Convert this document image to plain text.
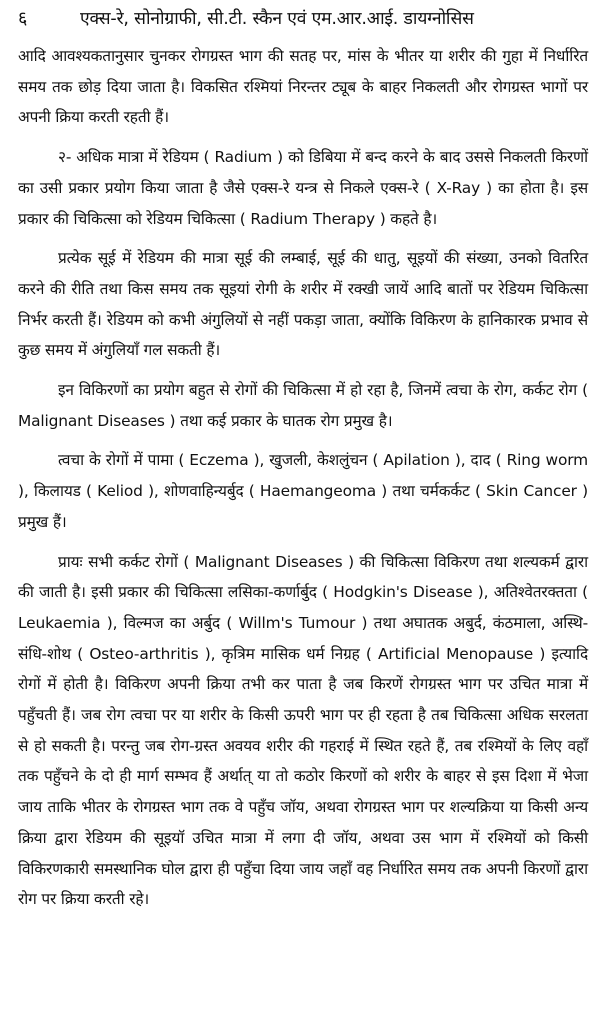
६	एक्स-रे, सोनोग्राफी, सी.टी. स्कैन एवं एम.आर.आई. डायग्नोसिस

आदि आवश्यकतानुसार चुनकर रोगग्रस्त भाग की सतह पर, मांस के भीतर या शरीर की गुहा में निर्धारित समय तक छोड़ दिया जाता है। विकसित रश्मियां निरन्तर ट्यूब के बाहर निकलती और रोगग्रस्त भागों पर अपनी क्रिया करती रहती हैं।

२- अधिक मात्रा में रेडियम ( Radium ) को डिबिया में बन्द करने के बाद उससे निकलती किरणों का उसी प्रकार प्रयोग किया जाता है जैसे एक्स-रे यन्त्र से निकले एक्स-रे ( X-Ray ) का होता है। इस प्रकार की चिकित्सा को रेडियम चिकित्सा ( Radium Therapy ) कहते है।

प्रत्येक सूई में रेडियम की मात्रा सूई की लम्बाई, सूई की धातु, सूइयों की संख्या, उनको वितरित करने की रीति तथा किस समय तक सूइयां रोगी के शरीर में रक्खी जायें आदि बातों पर रेडियम चिकित्सा निर्भर करती हैं। रेडियम को कभी अंगुलियों से नहीं पकड़ा जाता, क्योंकि विकिरण के हानिकारक प्रभाव से कुछ समय में अंगुलियाँ गल सकती हैं।

इन विकिरणों का प्रयोग बहुत से रोगों की चिकित्सा में हो रहा है, जिनमें त्वचा के रोग, कर्कट रोग ( Malignant Diseases ) तथा कई प्रकार के घातक रोग प्रमुख है।

त्वचा के रोगों में पामा ( Eczema ), खुजली, केशलुंचन ( Apilation ), दाद ( Ring worm ), किलायड ( Keliod ), शोणवाहिन्यर्बुद ( Haemangeoma ) तथा चर्मकर्कट ( Skin Cancer ) प्रमुख हैं।

प्रायः सभी कर्कट रोगों ( Malignant Diseases ) की चिकित्सा विकिरण तथा शल्यकर्म द्वारा की जाती है। इसी प्रकार की चिकित्सा लसिका-कर्णार्बुद ( Hodgkin's Disease ), अतिश्वेतरक्तता ( Leukaemia ), विल्मज का अर्बुद ( Willm's Tumour ) तथा अघातक अबुर्द, कंठमाला, अस्थि-संधि-शोथ ( Osteo-arthritis ), कृत्रिम मासिक धर्म निग्रह ( Artificial Menopause ) इत्यादि रोगों में होती है। विकिरण अपनी क्रिया तभी कर पाता है जब किरणें रोगग्रस्त भाग पर उचित मात्रा में पहुँचती हैं। जब रोग त्वचा पर या शरीर के किसी ऊपरी भाग पर ही रहता है तब चिकित्सा अधिक सरलता से हो सकती है। परन्तु जब रोग-ग्रस्त अवयव शरीर की गहराई में स्थित रहते हैं, तब रश्मियों के लिए वहाँ तक पहुँचने के दो ही मार्ग सम्भव हैं अर्थात् या तो कठोर किरणों को शरीर के बाहर से इस दिशा में भेजा जाय ताकि भीतर के रोगग्रस्त भाग तक वे पहुँच जॉय, अथवा रोगग्रस्त भाग पर शल्यक्रिया या किसी अन्य क्रिया द्वारा रेडियम की सूइयॉ उचित मात्रा में लगा दी जॉय, अथवा उस भाग में रश्मियों को किसी विकिरणकारी समस्थानिक घोल द्वारा ही पहुँचा दिया जाय जहाँ वह निर्धारित समय तक अपनी किरणों द्वारा रोग पर क्रिया करती रहे।
